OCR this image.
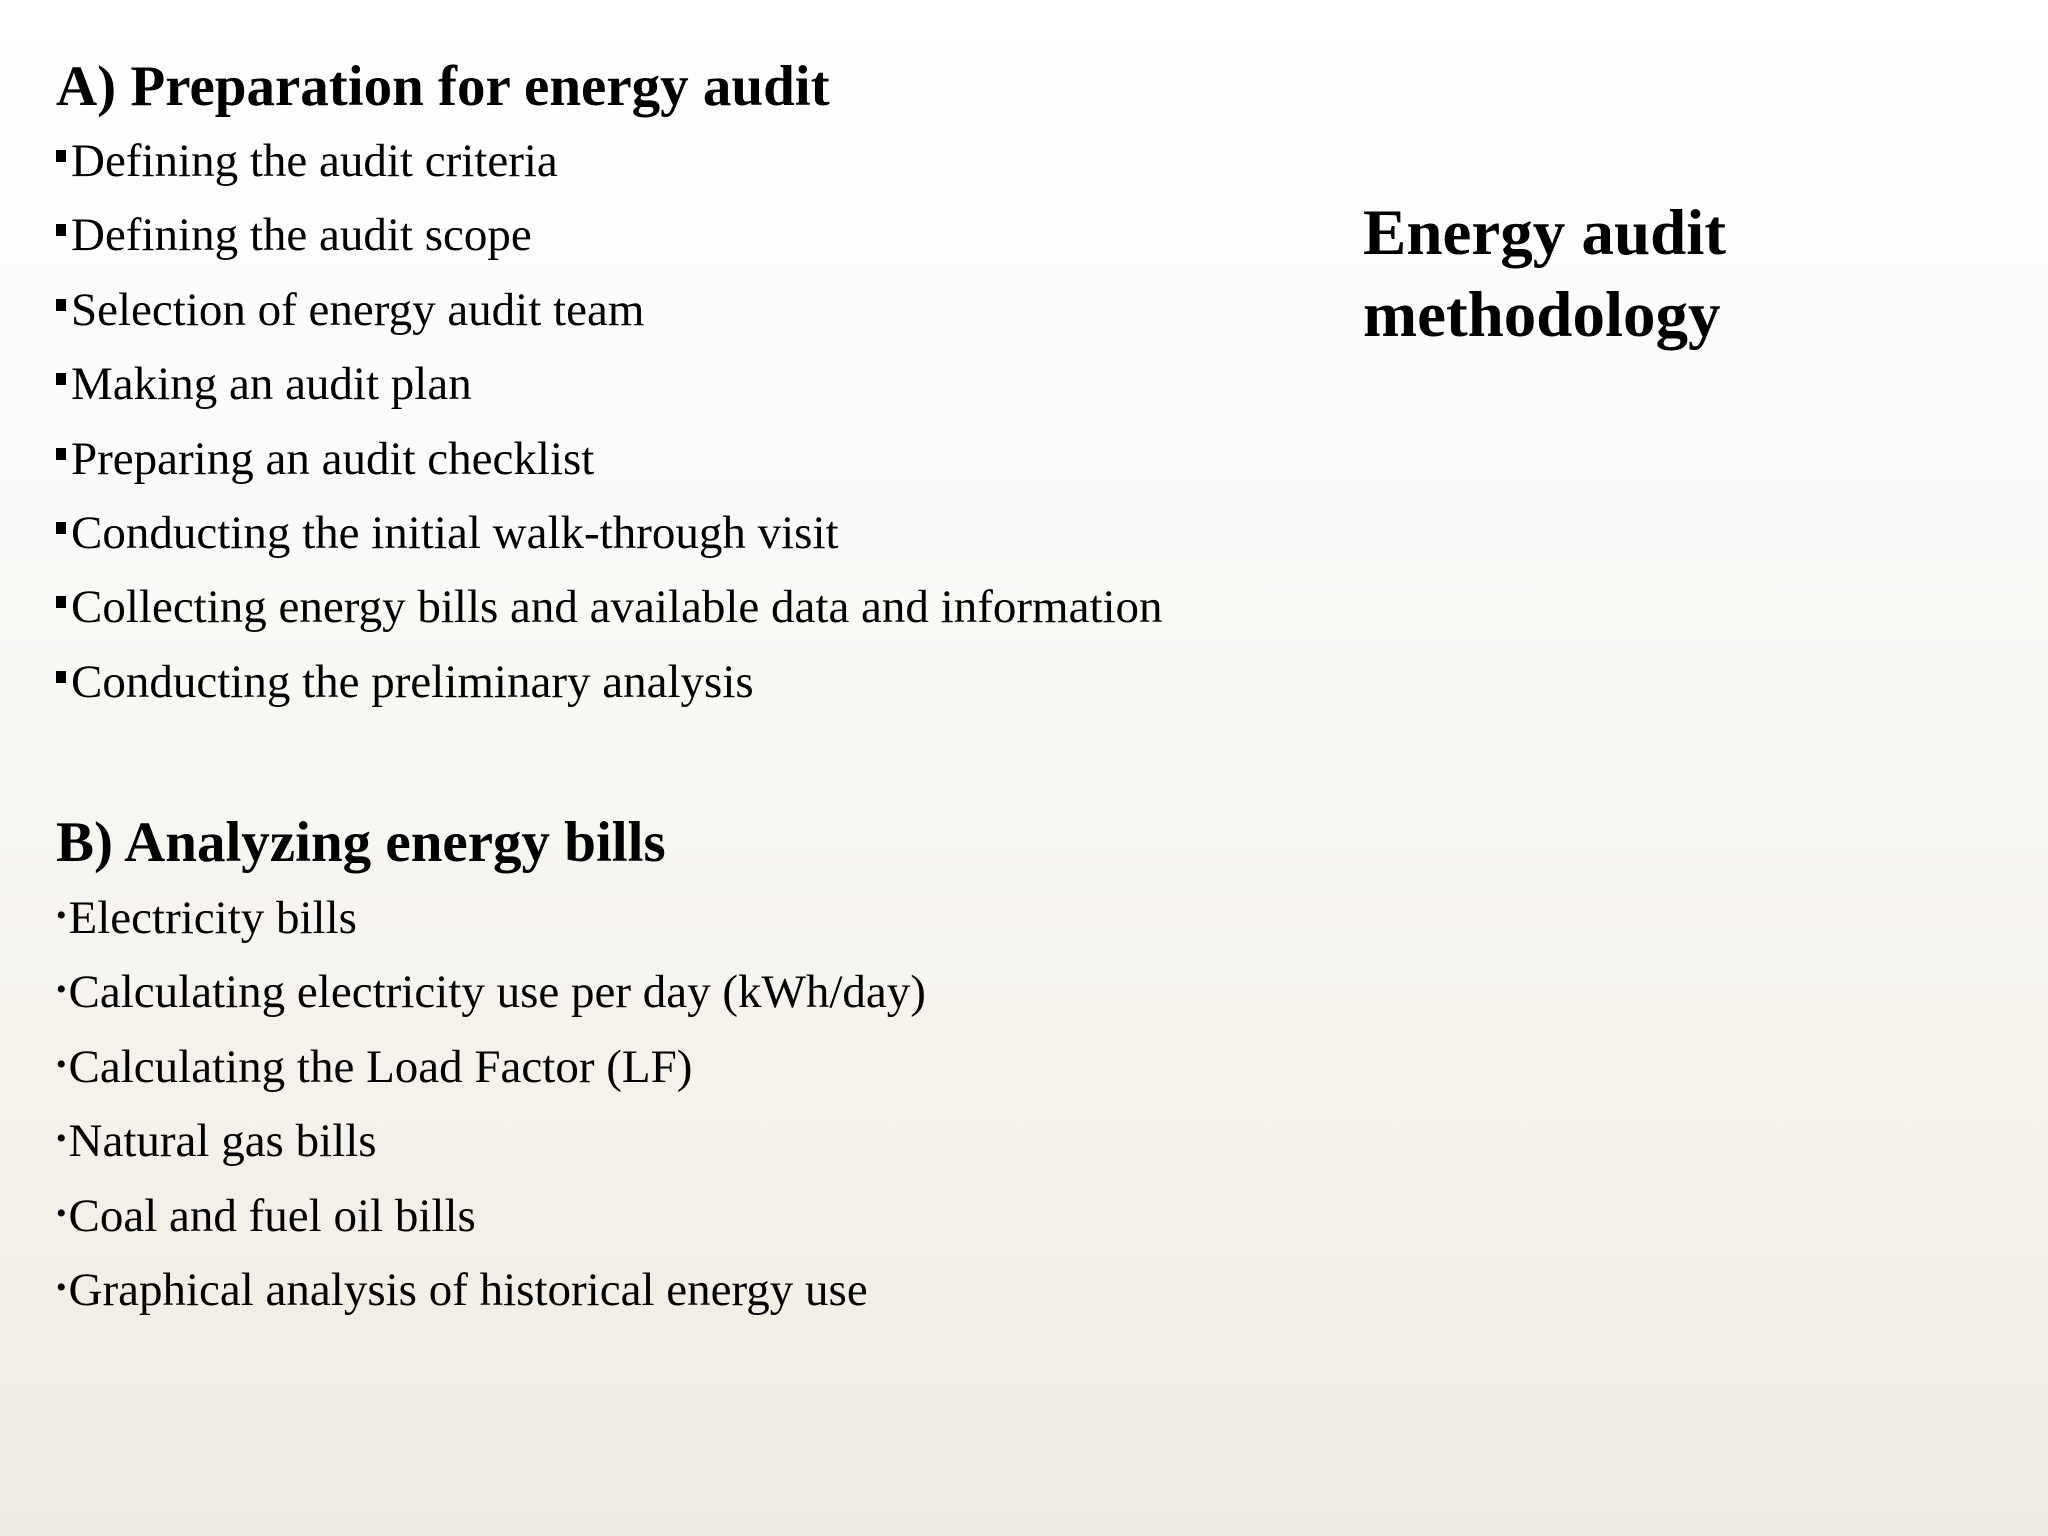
A) Preparation for energy audit
Defining the audit criteria
Defining the audit scope
Selection of energy audit team
Making an audit plan
Preparing an audit checklist
Conducting the initial walk-through visit
Collecting energy bills and available data and information
Conducting the preliminary analysis
B) Analyzing energy bills
• Electricity bills
• Calculating electricity use per day (kWh/day)
• Calculating the Load Factor (LF)
• Natural gas bills
• Coal and fuel oil bills
• Graphical analysis of historical energy use
Energy audit
methodology
